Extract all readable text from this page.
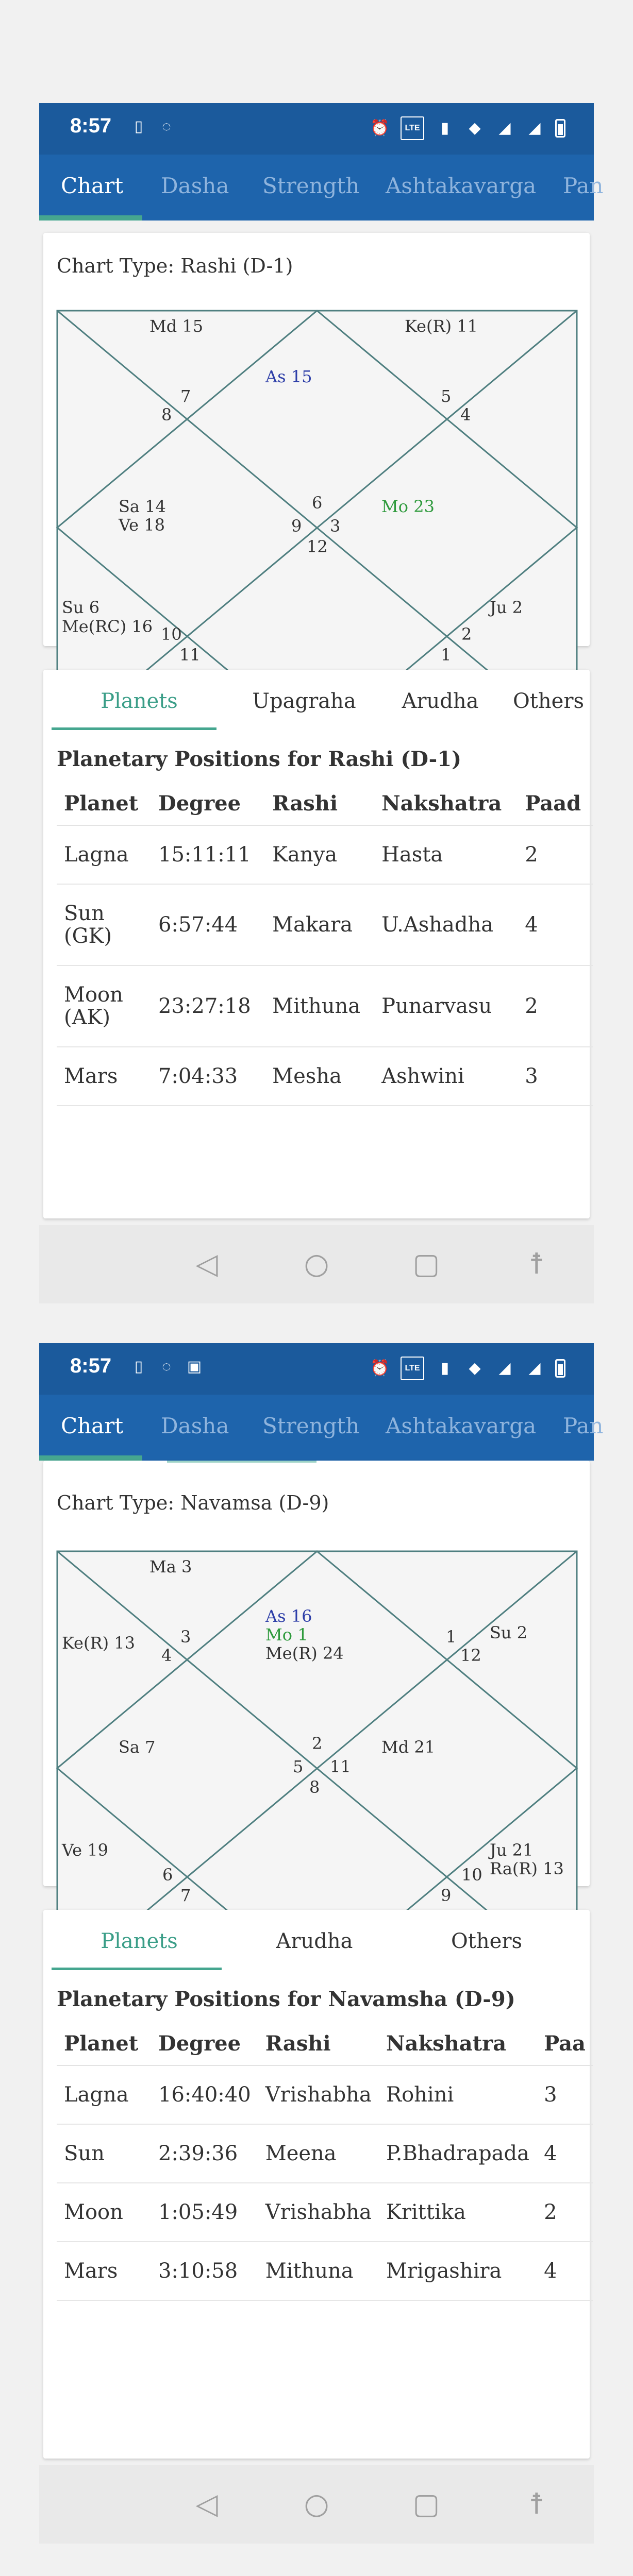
8:57	▯	◌	⏰	LTE	▮	◆ ◢ ◢
Chart Dasha Strength Ashtakavarga Pan
Chart Type: Rashi (D-1)
Md 15
As 15
Ke(R) 11
Sa 14
Ve 18
Mo 23
Su 6
Me(RC) 16
Ju 2
7
8
5
4
6
9 3
12
10
11
2
1
Planets	Upagraha	Arudha	Others
Planetary Positions for Rashi (D-1)
Planet	Degree	Rashi	Nakshatra	Paad
Lagna	15:11:11	Kanya	Hasta	2
Sun (GK)	6:57:44	Makara	U.Ashadha	4
Moon (AK)	23:27:18	Mithuna	Punarvasu	2
Mars	7:04:33	Mesha	Ashwini	3
◁	○	▢	☨
8:57	▯	◌	▣	⏰	LTE	▮	◆ ◢ ◢
Chart Dasha Strength Ashtakavarga Pan
Chart Type: Navamsa (D-9)
Ma 3
As 16
Mo 1
Me(R) 24
Ke(R) 13
Su 2
Sa 7	Md 21
Ve 19	Ju 21
Ra(R) 13
3
4
1
12
2
5 11
8
6
7
10
9
Planets	Arudha	Others
Planetary Positions for Navamsha (D-9)
Planet	Degree	Rashi	Nakshatra	Paa
Lagna	16:40:40	Vrishabha	Rohini	3
Sun	2:39:36	Meena	P.Bhadrapada	4
Moon	1:05:49	Vrishabha	Krittika	2
Mars	3:10:58	Mithuna	Mrigashira	4
◁	○	▢	☨
